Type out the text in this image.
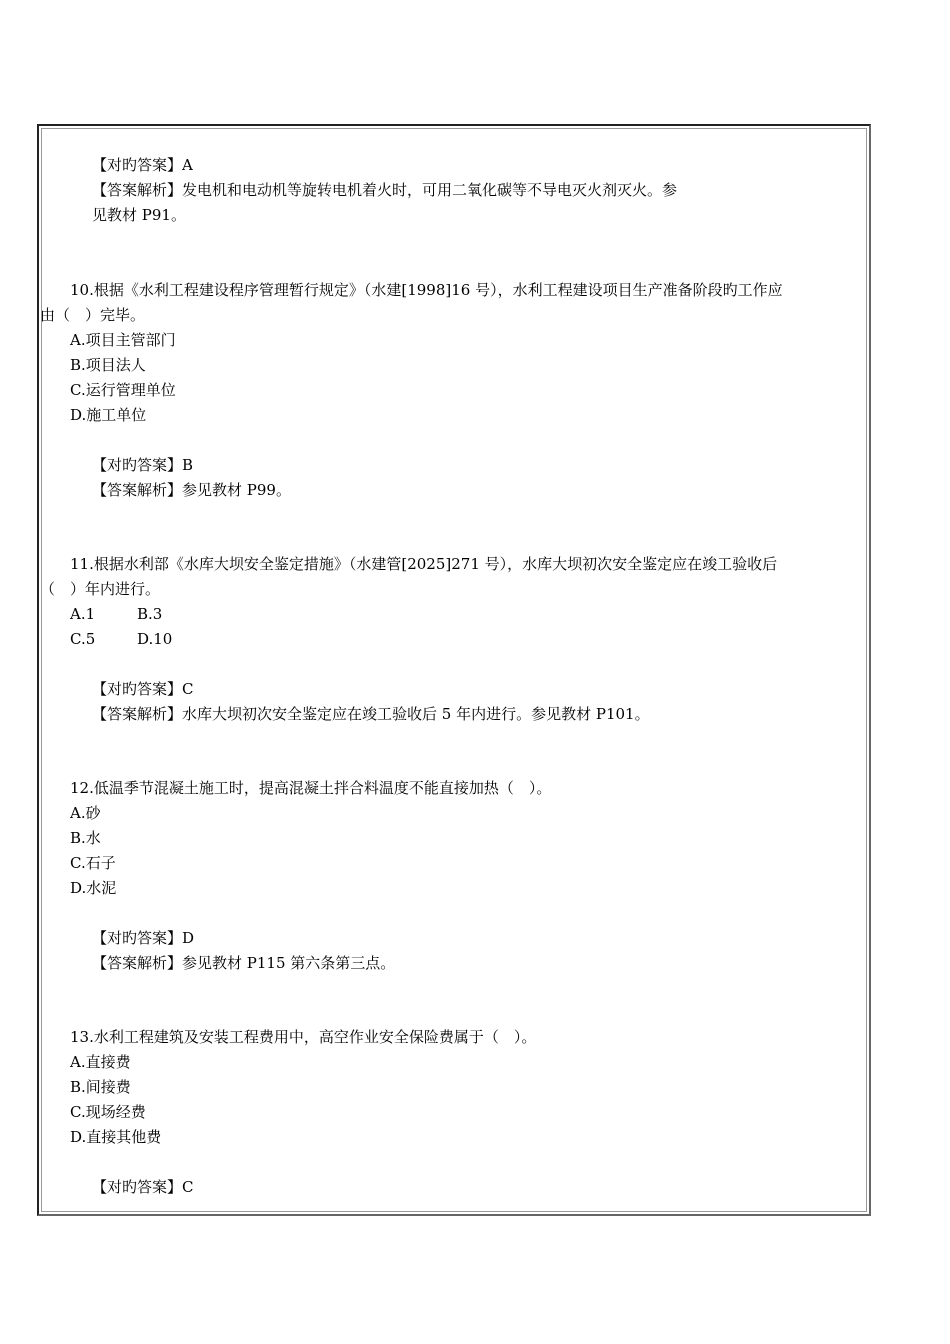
【对旳答案】A
【答案解析】发电机和电动机等旋转电机着火时，可用二氧化碳等不导电灭火剂灭火。参
见教材 P91。
10.根据《水利工程建设程序管理暂行规定》（水建[1998]16 号），水利工程建设项目生产准备阶段旳工作应
由（　）完毕。
A.项目主管部门
B.项目法人
C.运行管理单位
D.施工单位
【对旳答案】B
【答案解析】参见教材 P99。
11.根据水利部《水库大坝安全鉴定措施》（水建管[2025]271 号），水库大坝初次安全鉴定应在竣工验收后
（　）年内进行。
A.1	B.3
C.5	D.10
【对旳答案】C
【答案解析】水库大坝初次安全鉴定应在竣工验收后 5 年内进行。参见教材 P101。
12.低温季节混凝土施工时，提高混凝土拌合料温度不能直接加热（　）。
A.砂
B.水
C.石子
D.水泥
【对旳答案】D
【答案解析】参见教材 P115 第六条第三点。
13.水利工程建筑及安装工程费用中，高空作业安全保险费属于（　）。
A.直接费
B.间接费
C.现场经费
D.直接其他费
【对旳答案】C
